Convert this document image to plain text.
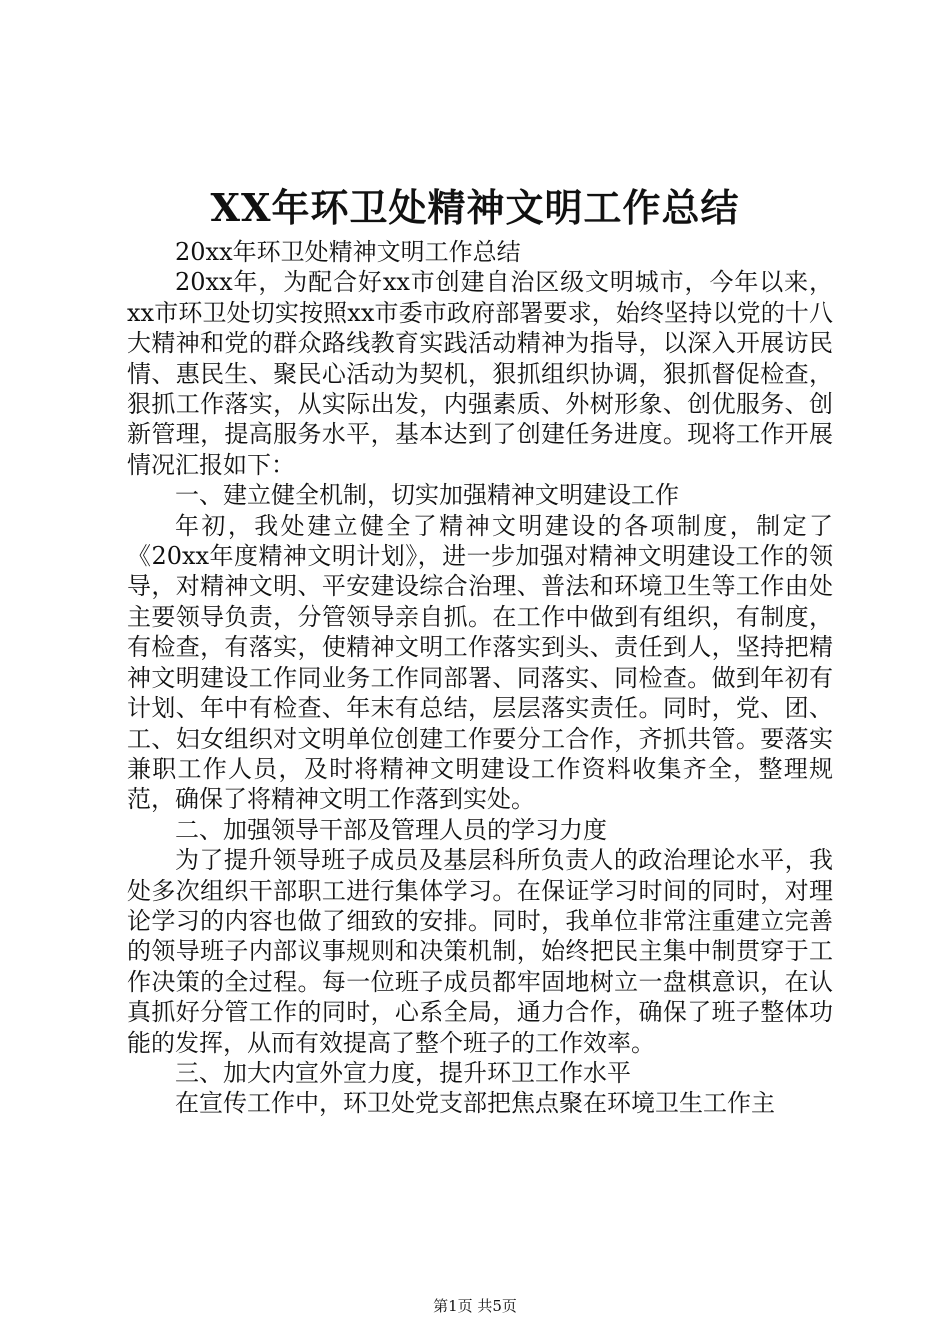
XX年环卫处精神文明工作总结

20xx年环卫处精神文明工作总结

20xx年，为配合好xx市创建自治区级文明城市，今年以来，xx市环卫处切实按照xx市委市政府部署要求，始终坚持以党的十八大精神和党的群众路线教育实践活动精神为指导，以深入开展访民情、惠民生、聚民心活动为契机，狠抓组织协调，狠抓督促检查，狠抓工作落实，从实际出发，内强素质、外树形象、创优服务、创新管理，提高服务水平，基本达到了创建任务进度。现将工作开展情况汇报如下：

一、建立健全机制，切实加强精神文明建设工作

年初，我处建立健全了精神文明建设的各项制度，制定了《20xx年度精神文明计划》，进一步加强对精神文明建设工作的领导，对精神文明、平安建设综合治理、普法和环境卫生等工作由处主要领导负责，分管领导亲自抓。在工作中做到有组织，有制度，有检查，有落实，使精神文明工作落实到头、责任到人，坚持把精神文明建设工作同业务工作同部署、同落实、同检查。做到年初有计划、年中有检查、年末有总结，层层落实责任。同时，党、团、工、妇女组织对文明单位创建工作要分工合作，齐抓共管。要落实兼职工作人员，及时将精神文明建设工作资料收集齐全，整理规范，确保了将精神文明工作落到实处。

二、加强领导干部及管理人员的学习力度

为了提升领导班子成员及基层科所负责人的政治理论水平，我处多次组织干部职工进行集体学习。在保证学习时间的同时，对理论学习的内容也做了细致的安排。同时，我单位非常注重建立完善的领导班子内部议事规则和决策机制，始终把民主集中制贯穿于工作决策的全过程。每一位班子成员都牢固地树立一盘棋意识，在认真抓好分管工作的同时，心系全局，通力合作，确保了班子整体功能的发挥，从而有效提高了整个班子的工作效率。

三、加大内宣外宣力度，提升环卫工作水平

在宣传工作中，环卫处党支部把焦点聚在环境卫生工作主

第1页 共5页
